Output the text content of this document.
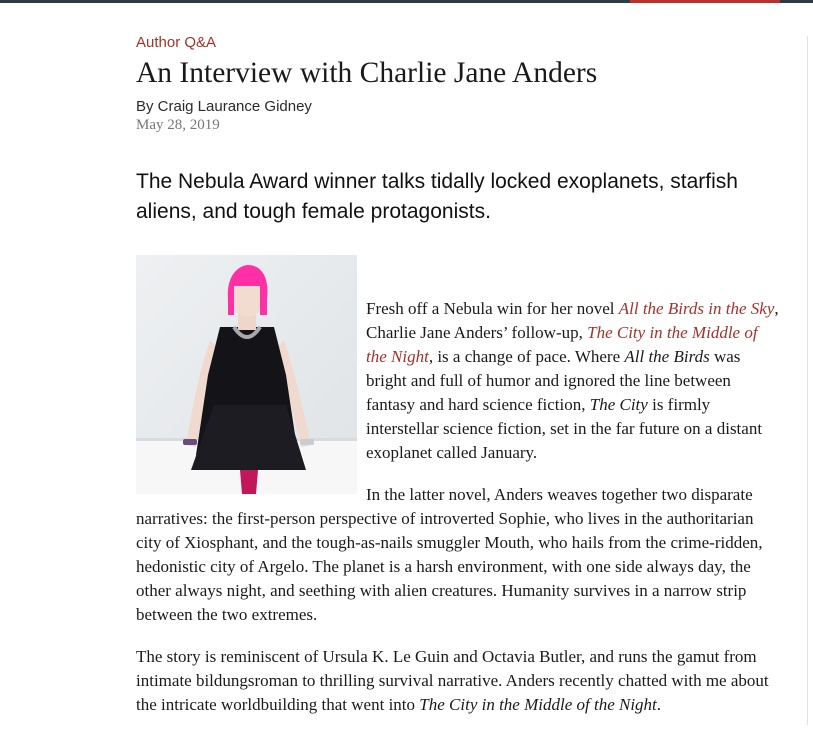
Author Q&A

An Interview with Charlie Jane Anders

By Craig Laurance Gidney

May 28, 2019

The Nebula Award winner talks tidally locked exoplanets, starfish aliens, and tough female protagonists.

Fresh off a Nebula win for her novel All the Birds in the Sky, Charlie Jane Anders’ follow-up, The City in the Middle of the Night, is a change of pace. Where All the Birds was bright and full of humor and ignored the line between fantasy and hard science fiction, The City is firmly interstellar science fiction, set in the far future on a distant exoplanet called January.

In the latter novel, Anders weaves together two disparate narratives: the first-person perspective of introverted Sophie, who lives in the authoritarian city of Xiosphant, and the tough-as-nails smuggler Mouth, who hails from the crime-ridden, hedonistic city of Argelo. The planet is a harsh environment, with one side always day, the other always night, and seething with alien creatures. Humanity survives in a narrow strip between the two extremes.

The story is reminiscent of Ursula K. Le Guin and Octavia Butler, and runs the gamut from intimate bildungsroman to thrilling survival narrative. Anders recently chatted with me about the intricate worldbuilding that went into The City in the Middle of the Night.
